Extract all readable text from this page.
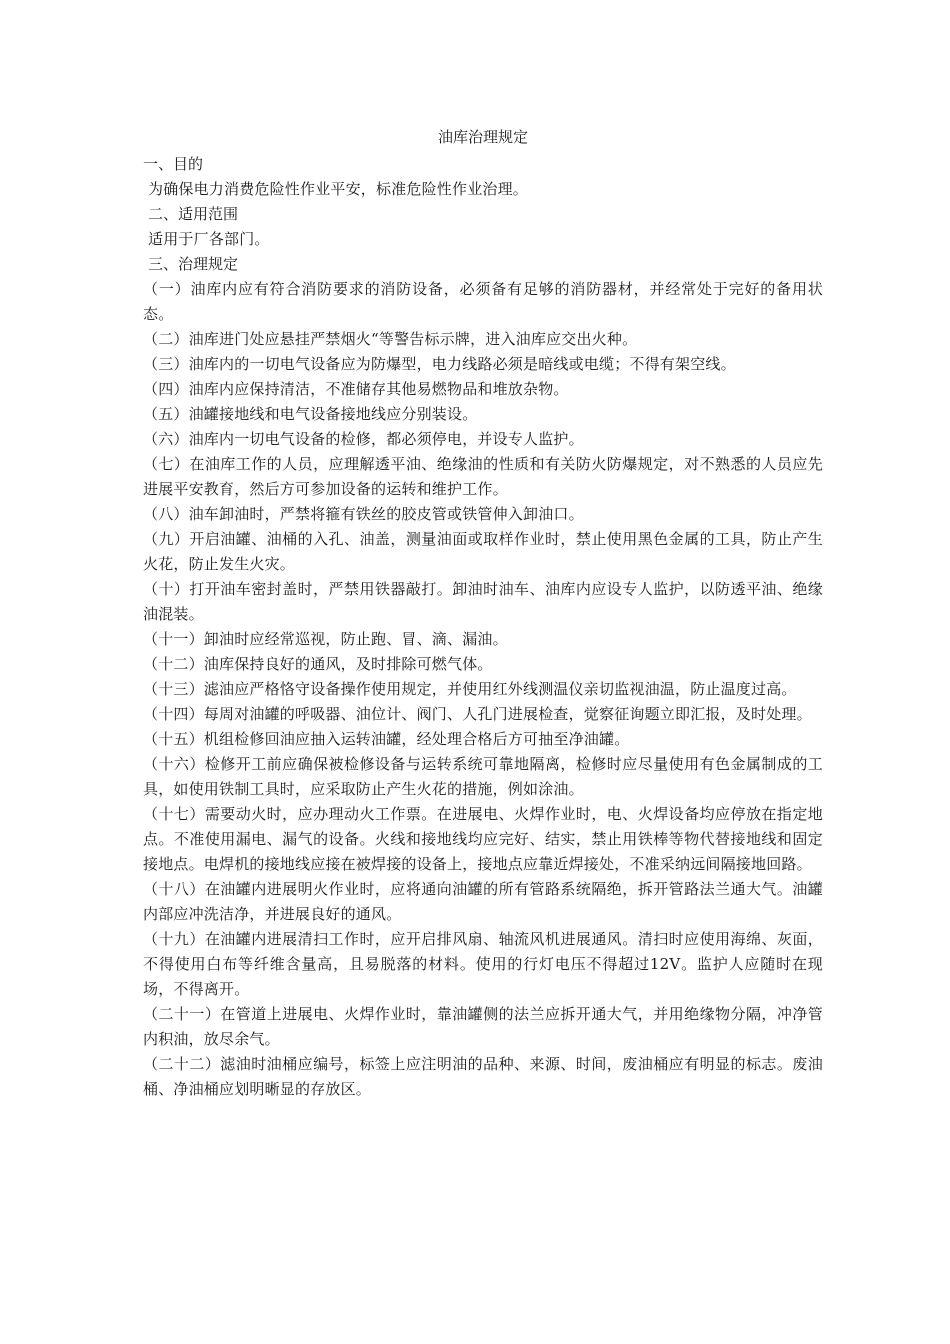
油库治理规定
一、目的
为确保电力消费危险性作业平安，标准危险性作业治理。
二、适用范围
适用于厂各部门。
三、治理规定
（一）油库内应有符合消防要求的消防设备，必须备有足够的消防器材，并经常处于完好的备用状态。
（二）油库进门处应悬挂严禁烟火“等警告标示牌，进入油库应交出火种。
（三）油库内的一切电气设备应为防爆型，电力线路必须是暗线或电缆；不得有架空线。
（四）油库内应保持清洁，不准储存其他易燃物品和堆放杂物。
（五）油罐接地线和电气设备接地线应分别装设。
（六）油库内一切电气设备的检修，都必须停电，并设专人监护。
（七）在油库工作的人员，应理解透平油、绝缘油的性质和有关防火防爆规定，对不熟悉的人员应先进展平安教育，然后方可参加设备的运转和维护工作。
（八）油车卸油时，严禁将箍有铁丝的胶皮管或铁管伸入卸油口。
（九）开启油罐、油桶的入孔、油盖，测量油面或取样作业时，禁止使用黑色金属的工具，防止产生火花，防止发生火灾。
（十）打开油车密封盖时，严禁用铁器敲打。卸油时油车、油库内应设专人监护，以防透平油、绝缘油混装。
（十一）卸油时应经常巡视，防止跑、冒、滴、漏油。
（十二）油库保持良好的通风，及时排除可燃气体。
（十三）滤油应严格恪守设备操作使用规定，并使用红外线测温仪亲切监视油温，防止温度过高。
（十四）每周对油罐的呼吸器、油位计、阀门、人孔门进展检查，觉察征询题立即汇报，及时处理。
（十五）机组检修回油应抽入运转油罐，经处理合格后方可抽至净油罐。
（十六）检修开工前应确保被检修设备与运转系统可靠地隔离，检修时应尽量使用有色金属制成的工具，如使用铁制工具时，应采取防止产生火花的措施，例如涂油。
（十七）需要动火时，应办理动火工作票。在进展电、火焊作业时，电、火焊设备均应停放在指定地点。不准使用漏电、漏气的设备。火线和接地线均应完好、结实，禁止用铁棒等物代替接地线和固定接地点。电焊机的接地线应接在被焊接的设备上，接地点应靠近焊接处，不准采纳远间隔接地回路。
（十八）在油罐内进展明火作业时，应将通向油罐的所有管路系统隔绝，拆开管路法兰通大气。油罐内部应冲洗洁净，并进展良好的通风。
（十九）在油罐内进展清扫工作时，应开启排风扇、轴流风机进展通风。清扫时应使用海绵、灰面，不得使用白布等纤维含量高，且易脱落的材料。使用的行灯电压不得超过12V。监护人应随时在现场，不得离开。
（二十一）在管道上进展电、火焊作业时，靠油罐侧的法兰应拆开通大气，并用绝缘物分隔，冲净管内积油，放尽余气。
（二十二）滤油时油桶应编号，标签上应注明油的品种、来源、时间，废油桶应有明显的标志。废油桶、净油桶应划明晰显的存放区。
